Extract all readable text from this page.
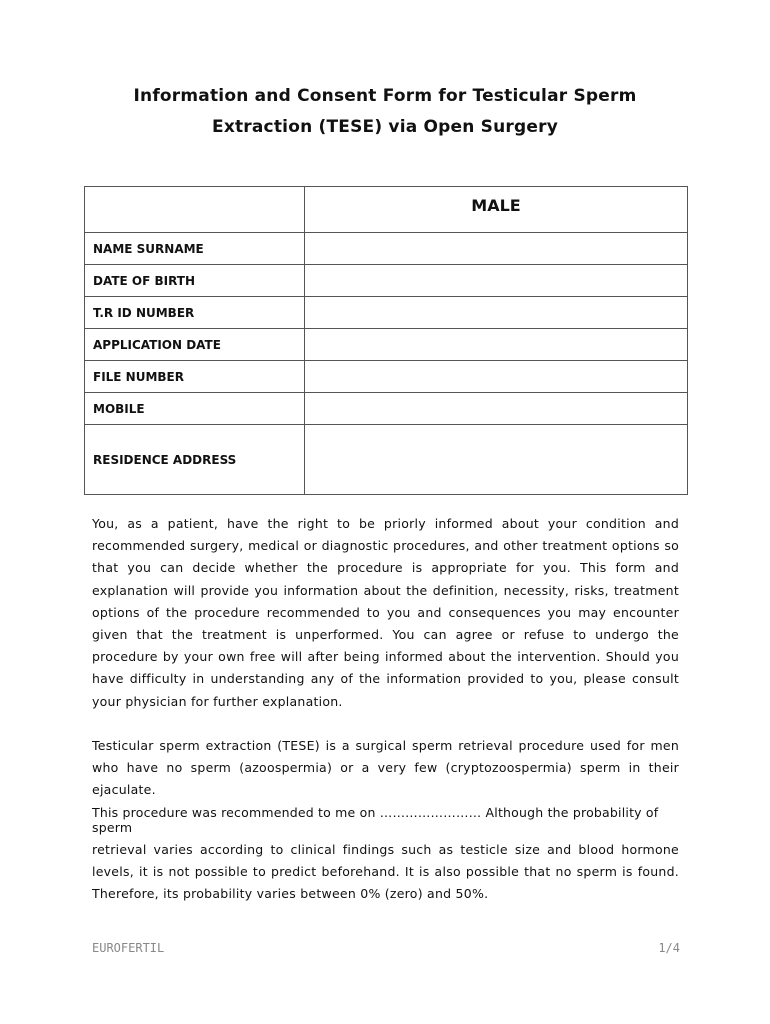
Information and Consent Form for Testicular Sperm
Extraction (TESE) via Open Surgery
	MALE
NAME SURNAME	
DATE OF BIRTH	
T.R ID NUMBER	
APPLICATION DATE	
FILE NUMBER	
MOBILE	
RESIDENCE ADDRESS	

You, as a patient, have the right to be priorly informed about your condition and recommended surgery, medical or diagnostic procedures, and other treatment options so that you can decide whether the procedure is appropriate for you. This form and explanation will provide you information about the definition, necessity, risks, treatment options of the procedure recommended to you and consequences you may encounter given that the treatment is unperformed. You can agree or refuse to undergo the procedure by your own free will after being informed about the intervention. Should you have difficulty in understanding any of the information provided to you, please consult your physician for further explanation.

Testicular sperm extraction (TESE) is a surgical sperm retrieval procedure used for men who have no sperm (azoospermia) or a very few (cryptozoospermia) sperm in their ejaculate.

This procedure was recommended to me on …………………… Although the probability of sperm

retrieval varies according to clinical findings such as testicle size and blood hormone levels, it is not possible to predict beforehand. It is also possible that no sperm is found. Therefore, its probability varies between 0% (zero) and 50%.

EUROFERTIL	1/4
